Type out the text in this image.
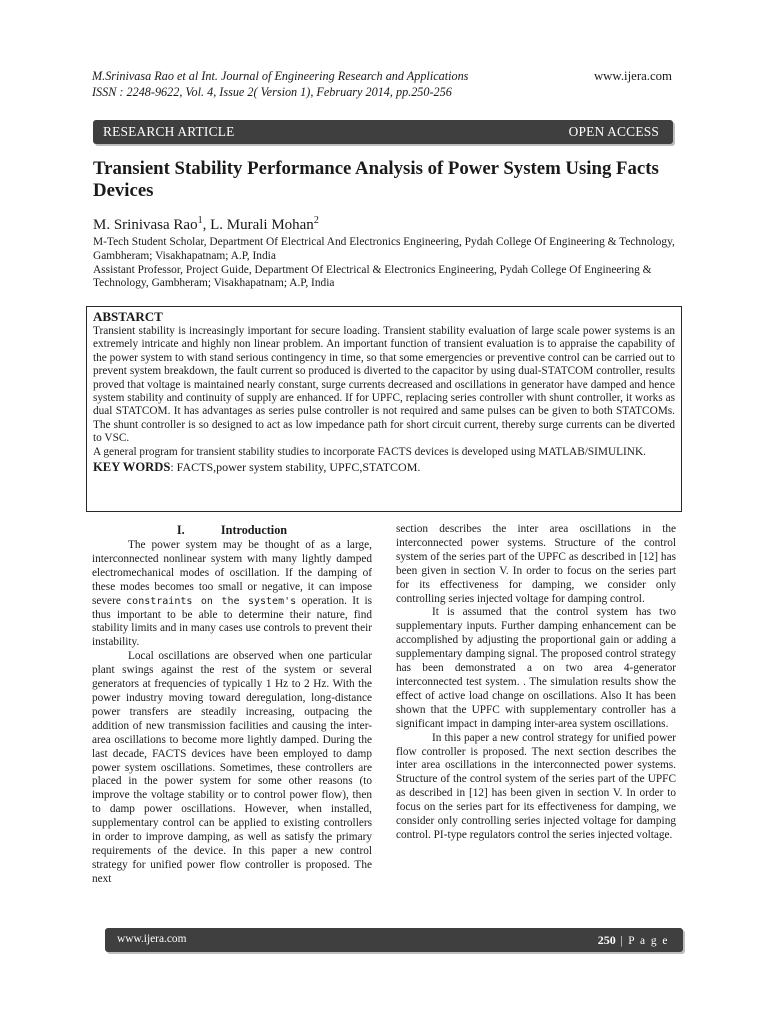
M.Srinivasa Rao et al Int. Journal of Engineering Research and Applications
ISSN : 2248-9622, Vol. 4, Issue 2( Version 1), February 2014, pp.250-256
www.ijera.com
RESEARCH ARTICLE	OPEN ACCESS
Transient Stability Performance Analysis of Power System Using Facts Devices
M. Srinivasa Rao$^1$, L. Murali Mohan$^2$

M-Tech Student Scholar, Department Of Electrical And Electronics Engineering, Pydah College Of Engineering & Technology, Gambheram; Visakhapatnam; A.P, India

Assistant Professor, Project Guide, Department Of Electrical & Electronics Engineering, Pydah College Of Engineering & Technology, Gambheram; Visakhapatnam; A.P, India

ABSTARCT

Transient stability is increasingly important for secure loading. Transient stability evaluation of large scale power systems is an extremely intricate and highly non linear problem. An important function of transient evaluation is to appraise the capability of the power system to with stand serious contingency in time, so that some emergencies or preventive control can be carried out to prevent system breakdown, the fault current so produced is diverted to the capacitor by using dual-STATCOM controller, results proved that voltage is maintained nearly constant, surge currents decreased and oscillations in generator have damped and hence system stability and continuity of supply are enhanced. If for UPFC, replacing series controller with shunt controller, it works as dual STATCOM. It has advantages as series pulse controller is not required and same pulses can be given to both STATCOMs. The shunt controller is so designed to act as low impedance path for short circuit current, thereby surge currents can be diverted to VSC.

A general program for transient stability studies to incorporate FACTS devices is developed using MATLAB/SIMULINK.

KEY WORDS: FACTS,power system stability, UPFC,STATCOM.

I.	Introduction

The power system may be thought of as a large, interconnected nonlinear system with many lightly damped electromechanical modes of oscillation. If the damping of these modes becomes too small or negative, it can impose severe constraints on the system's operation. It is thus important to be able to determine their nature, find stability limits and in many cases use controls to prevent their instability.

Local oscillations are observed when one particular plant swings against the rest of the system or several generators at frequencies of typically 1 Hz to 2 Hz. With the power industry moving toward deregulation, long-distance power transfers are steadily increasing, outpacing the addition of new transmission facilities and causing the inter-area oscillations to become more lightly damped. During the last decade, FACTS devices have been employed to damp power system oscillations. Sometimes, these controllers are placed in the power system for some other reasons (to improve the voltage stability or to control power flow), then to damp power oscillations. However, when installed, supplementary control can be applied to existing controllers in order to improve damping, as well as satisfy the primary requirements of the device. In this paper a new control strategy for unified power flow controller is proposed. The next

section describes the inter area oscillations in the interconnected power systems. Structure of the control system of the series part of the UPFC as described in [12] has been given in section V. In order to focus on the series part for its effectiveness for damping, we consider only controlling series injected voltage for damping control.

It is assumed that the control system has two supplementary inputs. Further damping enhancement can be accomplished by adjusting the proportional gain or adding a supplementary damping signal. The proposed control strategy has been demonstrated a on two area 4-generator interconnected test system. . The simulation results show the effect of active load change on oscillations. Also It has been shown that the UPFC with supplementary controller has a significant impact in damping inter-area system oscillations.

In this paper a new control strategy for unified power flow controller is proposed. The next section describes the inter area oscillations in the interconnected power systems. Structure of the control system of the series part of the UPFC as described in [12] has been given in section V. In order to focus on the series part for its effectiveness for damping, we consider only controlling series injected voltage for damping control. PI-type regulators control the series injected voltage.

www.ijera.com	250 | P a g e
